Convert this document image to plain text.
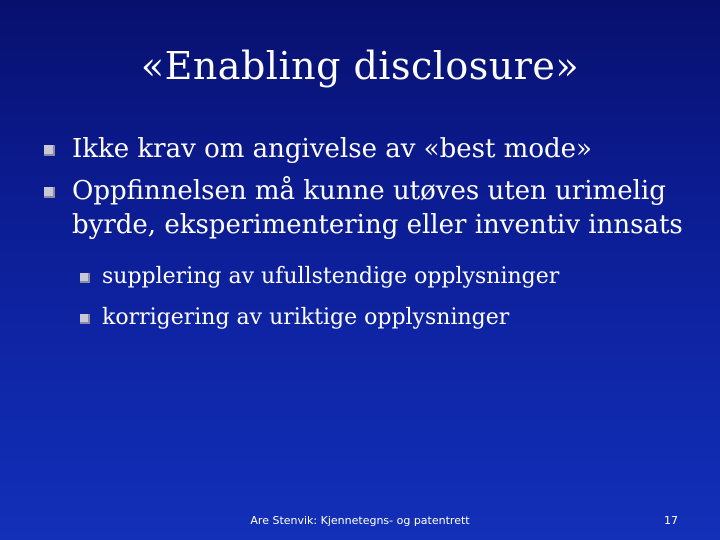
«Enabling disclosure»
Ikke krav om angivelse av «best mode»
Oppfinnelsen må kunne utøves uten urimelig
byrde, eksperimentering eller inventiv innsats
supplering av ufullstendige opplysninger
korrigering av uriktige opplysninger
Are Stenvik: Kjennetegns- og patentrett	17
